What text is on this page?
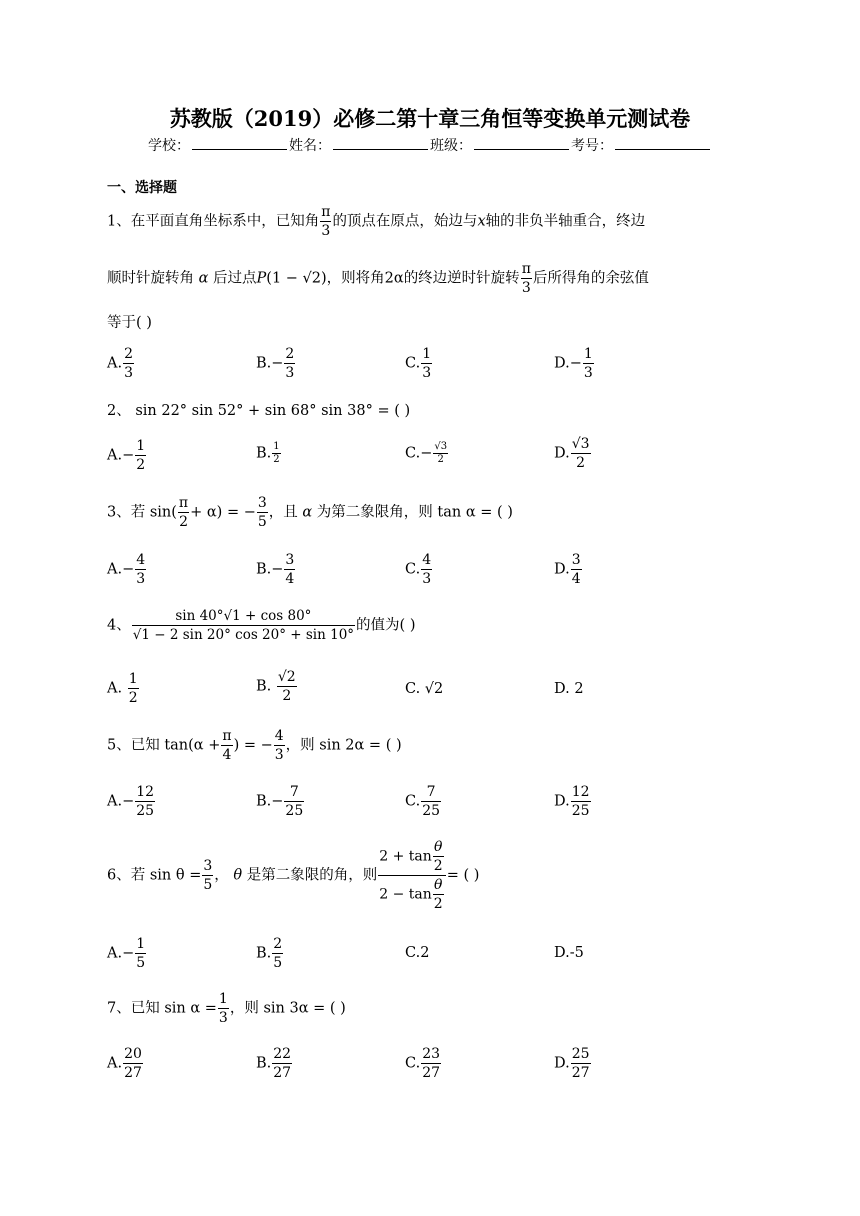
苏教版（2019）必修二第十章三角恒等变换单元测试卷
学校：	姓名：	班级：	考号：
一、选择题
1、在平面直角坐标系中，已知角 $\frac{\pi}{3}$ 的顶点在原点，始边与x轴的非负半轴重合，终边
顺时针旋转角 α 后过点P(1 − √2)，则将角2α的终边逆时针旋转 $\frac{\pi}{3}$ 后所得角的余弦值
等于( )
A. $\frac{2}{3}$	$B.- \frac{2}{3}$	C. $\frac{1}{3}$	$D.- \frac{1}{3}$
2、 sin 22° sin 52° + sin 68° sin 38° = ( )
$A.- \frac{1}{2}$	B. $\frac{1}{2}$	$C.- \frac{√3}{2}$	D. $\frac{√3}{2}$
3、若 $\sin( \frac{\pi}{2} + \alpha)$ = − $\frac{3}{5}$ ，且 α 为第二象限角，则 tan α = ( )
$A.- \frac{4}{3}$	$B.- \frac{3}{4}$	C. $\frac{4}{3}$	D. $\frac{3}{4}$
4、 $\frac{\sin 40^\circ√1 + \cos 80^\circ}{√1 - 2 \sin 20^\circ \cos 20^\circ + \sin 10^\circ}$ 的值为( )
A. $\frac{1}{2}$	B. $\frac{√2}{2}$	C. √2	D. 2
5、已知 $\tan(\alpha + \frac{\pi}{4}$ ) = − $\frac{4}{3}$ ，则 sin 2α = ( )
$A.- \frac{12}{25}$	$B.- \frac{7}{25}$	C. $\frac{7}{25}$	D. $\frac{12}{25}$
6、若 $\sin \theta = \frac{3}{5}$ ， θ 是第二象限的角，则 $\frac{2 + \tan \frac{\theta}{2}}{2 - \tan \frac{\theta}{2}}$ = ( )
$A.- \frac{1}{5}$	B. $\frac{2}{5}$	C.2	D.-5
7、已知 $\sin \alpha = \frac{1}{3}$ ，则 sin 3α = ( )
A. $\frac{20}{27}$	B. $\frac{22}{27}$	C. $\frac{23}{27}$	D. $\frac{25}{27}$
